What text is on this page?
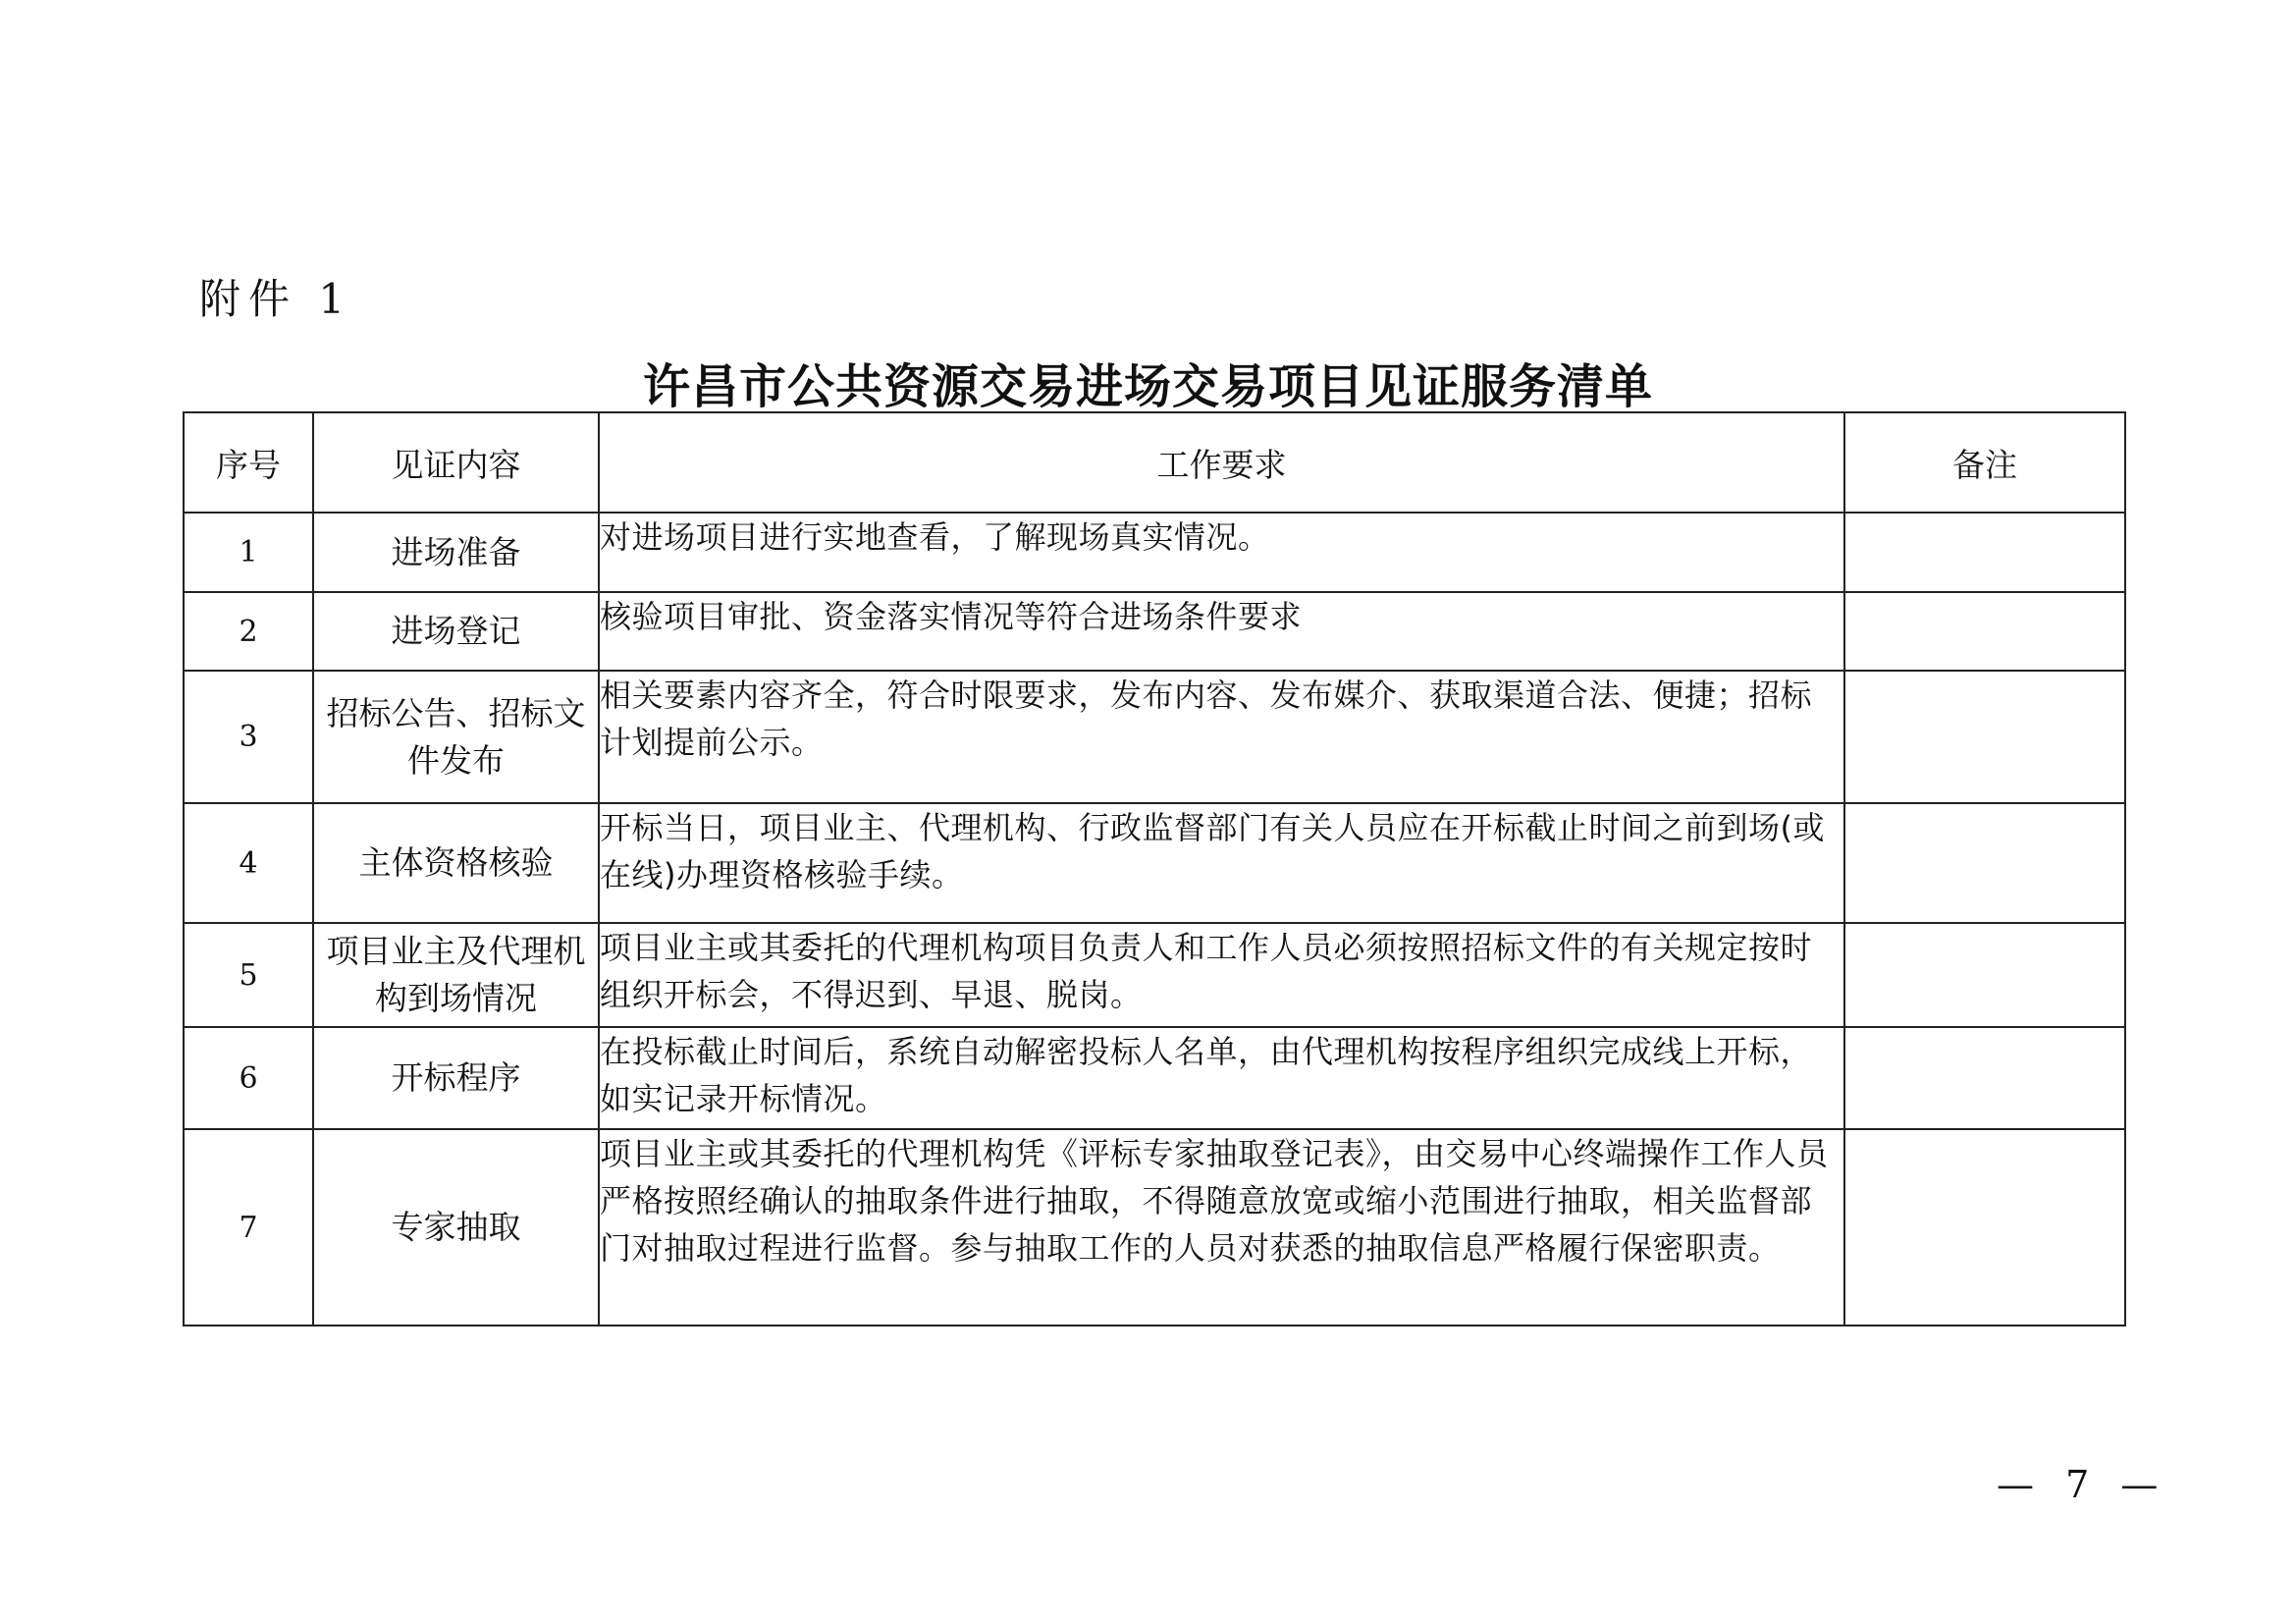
附件 1
许昌市公共资源交易进场交易项目见证服务清单
序号	见证内容	工作要求	备注
1	进场准备	对进场项目进行实地查看，了解现场真实情况。	
2	进场登记	核验项目审批、资金落实情况等符合进场条件要求	
3	招标公告、招标文件发布	相关要素内容齐全，符合时限要求，发布内容、发布媒介、获取渠道合法、便捷；招标计划提前公示。	
4	主体资格核验	开标当日，项目业主、代理机构、行政监督部门有关人员应在开标截止时间之前到场(或在线)办理资格核验手续。	
5	项目业主及代理机构到场情况	项目业主或其委托的代理机构项目负责人和工作人员必须按照招标文件的有关规定按时组织开标会，不得迟到、早退、脱岗。	
6	开标程序	在投标截止时间后，系统自动解密投标人名单，由代理机构按程序组织完成线上开标，如实记录开标情况。	
7	专家抽取	项目业主或其委托的代理机构凭《评标专家抽取登记表》，由交易中心终端操作工作人员严格按照经确认的抽取条件进行抽取，不得随意放宽或缩小范围进行抽取，相关监督部门对抽取过程进行监督。参与抽取工作的人员对获悉的抽取信息严格履行保密职责。	
— 7 —
